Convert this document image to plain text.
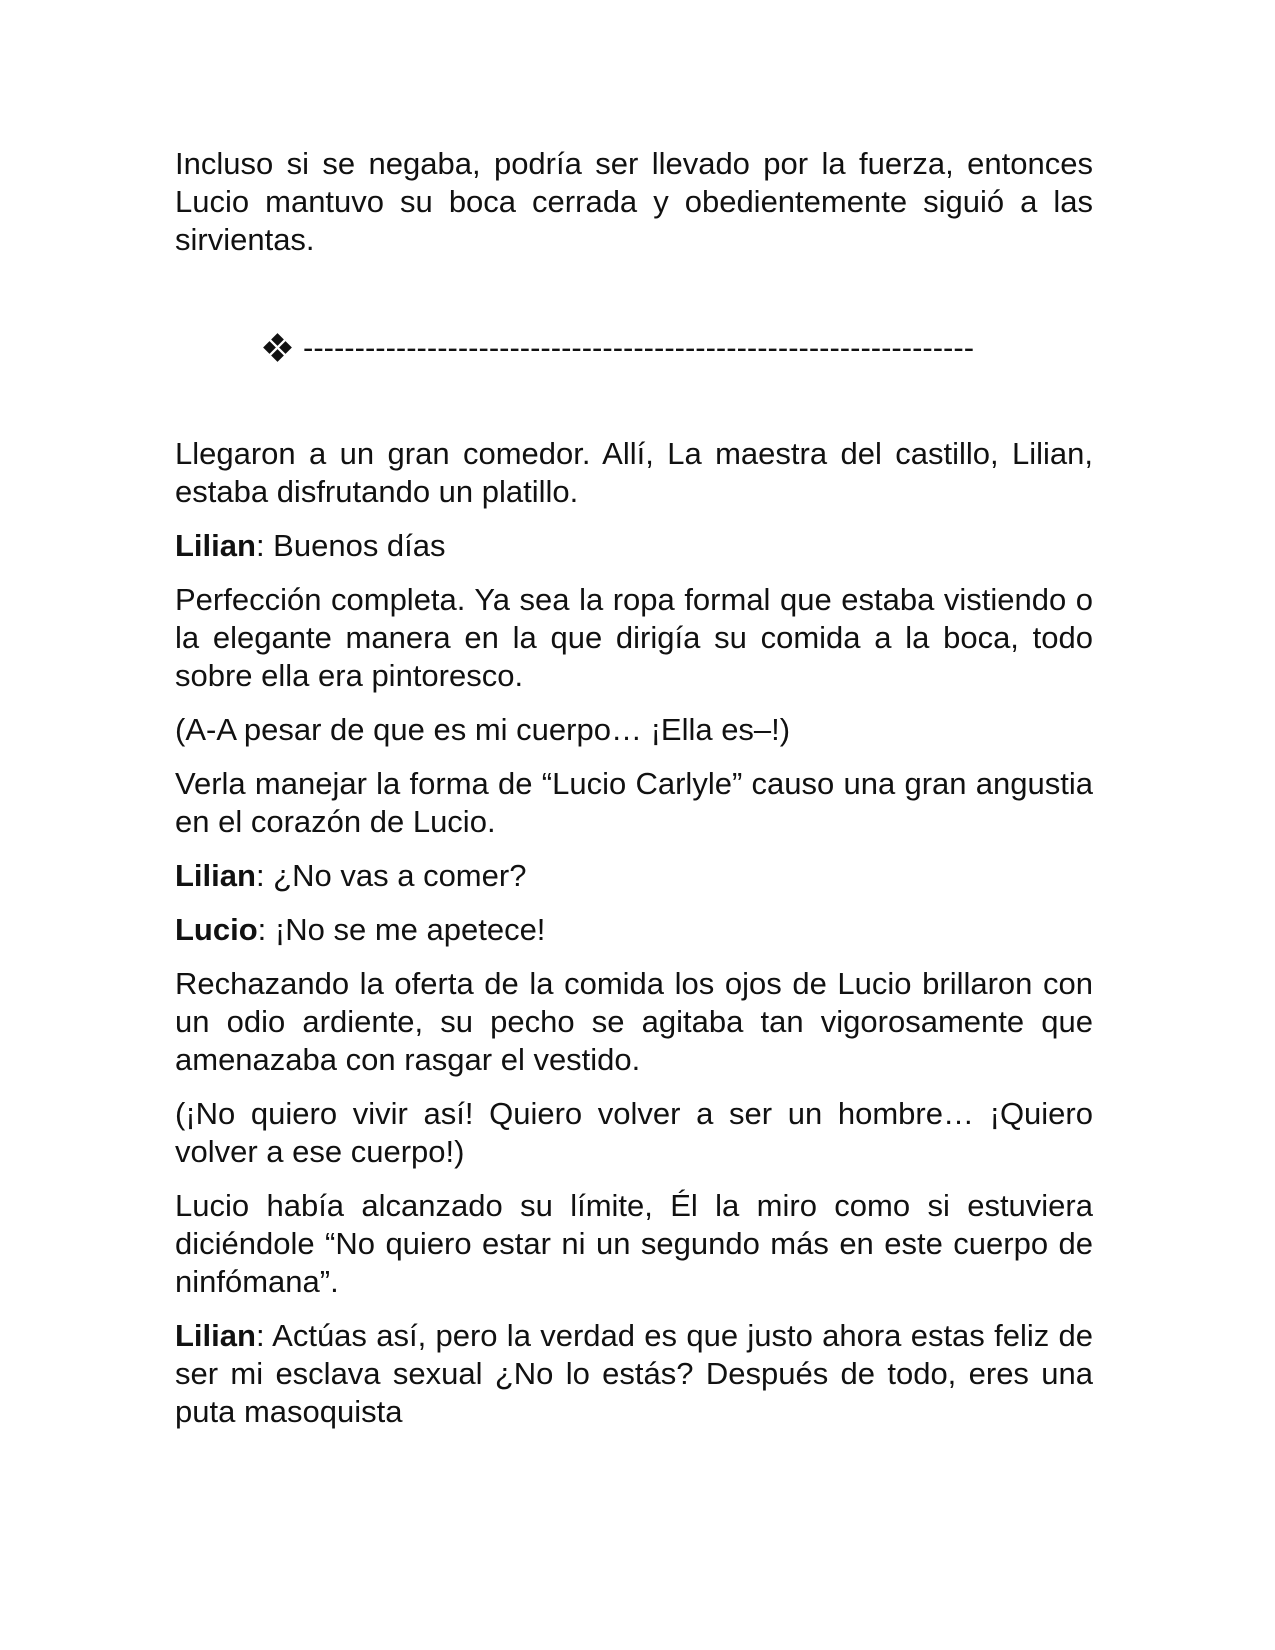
Incluso si se negaba, podría ser llevado por la fuerza, entonces Lucio mantuvo su boca cerrada y obedientemente siguió a las sirvientas.

-----------------------------------------------------------------

Llegaron a un gran comedor. Allí, La maestra del castillo, Lilian, estaba disfrutando un platillo.

Lilian: Buenos días

Perfección completa. Ya sea la ropa formal que estaba vistiendo o la elegante manera en la que dirigía su comida a la boca, todo sobre ella era pintoresco.

(A-A pesar de que es mi cuerpo… ¡Ella es–!)

Verla manejar la forma de “Lucio Carlyle” causo una gran angustia en el corazón de Lucio.

Lilian: ¿No vas a comer?

Lucio: ¡No se me apetece!

Rechazando la oferta de la comida los ojos de Lucio brillaron con un odio ardiente, su pecho se agitaba tan vigorosamente que amenazaba con rasgar el vestido.

(¡No quiero vivir así! Quiero volver a ser un hombre… ¡Quiero volver a ese cuerpo!)

Lucio había alcanzado su límite, Él la miro como si estuviera diciéndole “No quiero estar ni un segundo más en este cuerpo de ninfómana”.

Lilian: Actúas así, pero la verdad es que justo ahora estas feliz de ser mi esclava sexual ¿No lo estás? Después de todo, eres una puta masoquista
